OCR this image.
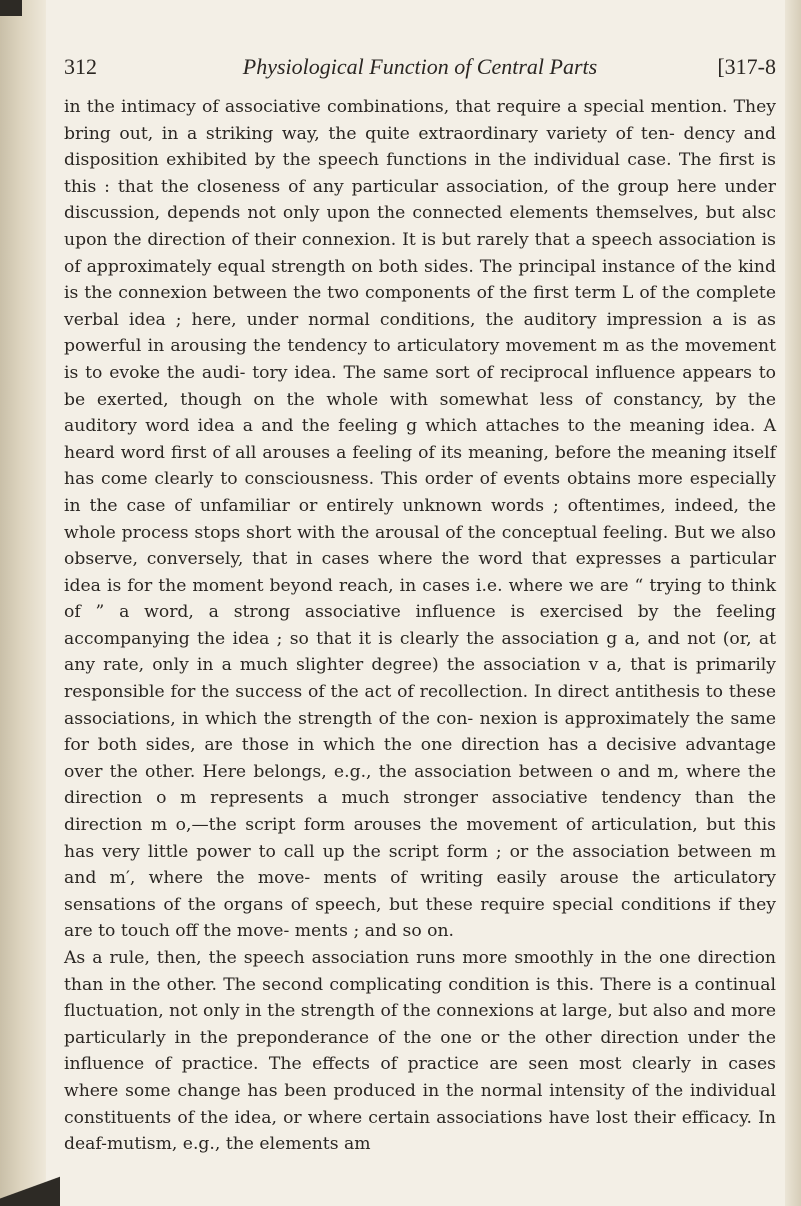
312	Physiological Function of Central Parts	[317-8

in the intimacy of associative combinations, that require a special mention. They bring out, in a striking way, the quite extraordinary variety of ten- dency and disposition exhibited by the speech functions in the individual case. The first is this : that the closeness of any particular association, of the group here under discussion, depends not only upon the connected elements themselves, but alsc upon the direction of their connexion. It is but rarely that a speech association is of approximately equal strength on both sides. The principal instance of the kind is the connexion between the two components of the first term L of the complete verbal idea ; here, under normal conditions, the auditory impression a is as powerful in arousing the tendency to articulatory movement m as the movement is to evoke the audi- tory idea. The same sort of reciprocal influence appears to be exerted, though on the whole with somewhat less of constancy, by the auditory word idea a and the feeling g which attaches to the meaning idea. A heard word first of all arouses a feeling of its meaning, before the meaning itself has come clearly to consciousness. This order of events obtains more especially in the case of unfamiliar or entirely unknown words ; oftentimes, indeed, the whole process stops short with the arousal of the conceptual feeling. But we also observe, conversely, that in cases where the word that expresses a particular idea is for the moment beyond reach, in cases i.e. where we are “ trying to think of ” a word, a strong associative influence is exercised by the feeling accompanying the idea ; so that it is clearly the association g a, and not (or, at any rate, only in a much slighter degree) the association v a, that is primarily responsible for the success of the act of recollection. In direct antithesis to these associations, in which the strength of the con- nexion is approximately the same for both sides, are those in which the one direction has a decisive advantage over the other. Here belongs, e.g., the association between o and m, where the direction o m represents a much stronger associative tendency than the direction m o,—the script form arouses the movement of articulation, but this has very little power to call up the script form ; or the association between m and m′, where the move- ments of writing easily arouse the articulatory sensations of the organs of speech, but these require special conditions if they are to touch off the move- ments ; and so on.

As a rule, then, the speech association runs more smoothly in the one direction than in the other. The second complicating condition is this. There is a continual fluctuation, not only in the strength of the connexions at large, but also and more particularly in the preponderance of the one or the other direction under the influence of practice. The effects of practice are seen most clearly in cases where some change has been produced in the normal intensity of the individual constituents of the idea, or where certain associations have lost their efficacy. In deaf-mutism, e.g., the elements am
